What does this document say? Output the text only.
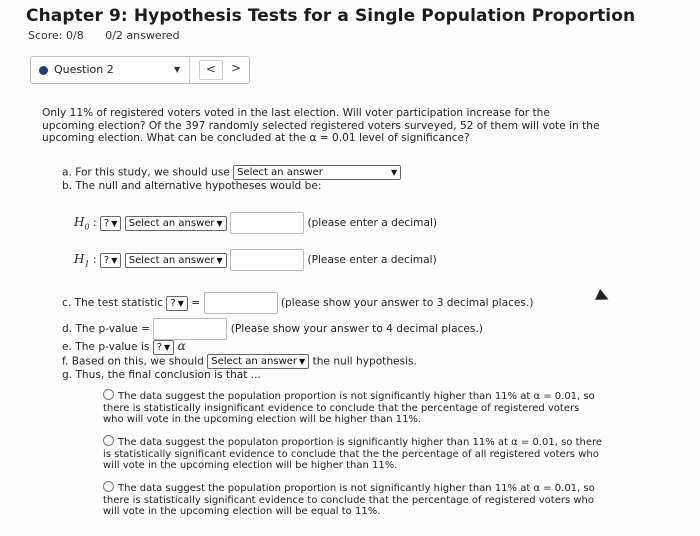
Chapter 9: Hypothesis Tests for a Single Population Proportion
Score: 0/8 0/2 answered
Question 2	▼	<	>
Only 11% of registered voters voted in the last election. Will voter participation increase for the upcoming election? Of the 397 randomly selected registered voters surveyed, 52 of them will vote in the upcoming election. What can be concluded at the α = 0.01 level of significance?
a. For this study, we should use Select an answer	▼
b. The null and alternative hypotheses would be:
$H_0$ : ? ▼ Select an answer ▼	(please enter a decimal)
$H_1$ : ? ▼ Select an answer ▼	(Please enter a decimal)
c. The test statistic ? ▼ =	(please show your answer to 3 decimal places.)
d. The p-value =	(Please show your answer to 4 decimal places.)
e. The p-value is ? ▼ α
f. Based on this, we should Select an answer ▼ the null hypothesis.
g. Thus, the final conclusion is that ...
The data suggest the population proportion is not significantly higher than 11% at α = 0.01, so there is statistically insignificant evidence to conclude that the percentage of registered voters who will vote in the upcoming election will be higher than 11%.
The data suggest the populaton proportion is significantly higher than 11% at α = 0.01, so there is statistically significant evidence to conclude that the the percentage of all registered voters who will vote in the upcoming election will be higher than 11%.
The data suggest the population proportion is not significantly higher than 11% at α = 0.01, so there is statistically significant evidence to conclude that the percentage of registered voters who will vote in the upcoming election will be equal to 11%.
